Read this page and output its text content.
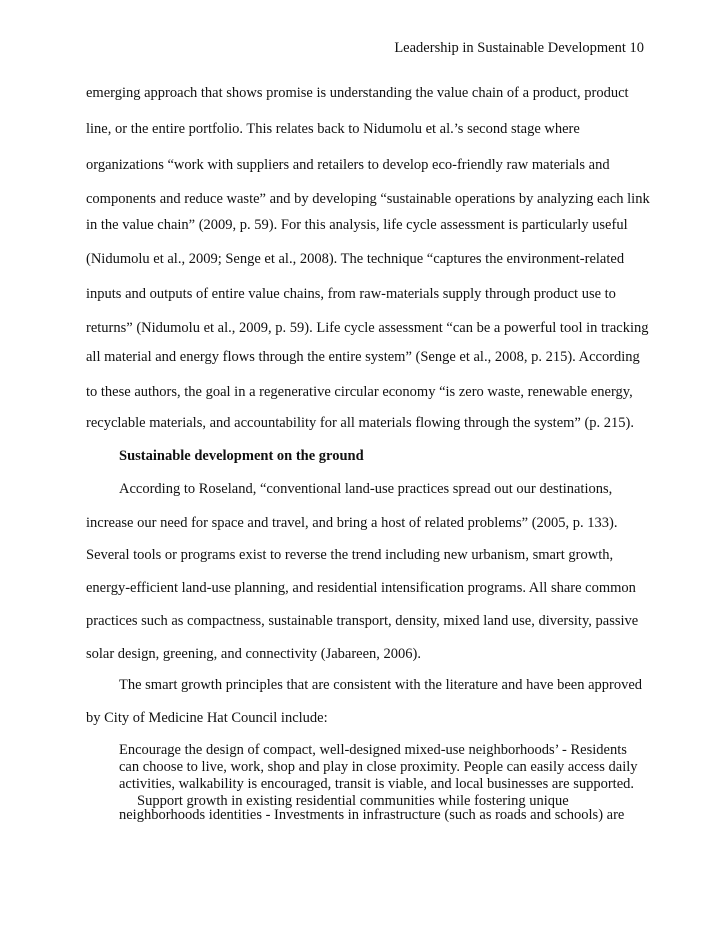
Leadership in Sustainable Development 10
emerging approach that shows promise is understanding the value chain of a product, product
line, or the entire portfolio. This relates back to Nidumolu et al.’s second stage where
organizations “work with suppliers and retailers to develop eco-friendly raw materials and
components and reduce waste” and by developing “sustainable operations by analyzing each link
in the value chain” (2009, p. 59). For this analysis, life cycle assessment is particularly useful
(Nidumolu et al., 2009; Senge et al., 2008). The technique “captures the environment-related
inputs and outputs of entire value chains, from raw-materials supply through product use to
returns” (Nidumolu et al., 2009, p. 59). Life cycle assessment “can be a powerful tool in tracking
all material and energy flows through the entire system” (Senge et al., 2008, p. 215). According
to these authors, the goal in a regenerative circular economy “is zero waste, renewable energy,
recyclable materials, and accountability for all materials flowing through the system” (p. 215).
Sustainable development on the ground
According to Roseland, “conventional land-use practices spread out our destinations,
increase our need for space and travel, and bring a host of related problems” (2005, p. 133).
Several tools or programs exist to reverse the trend including new urbanism, smart growth,
energy-efficient land-use planning, and residential intensification programs. All share common
practices such as compactness, sustainable transport, density, mixed land use, diversity, passive
solar design, greening, and connectivity (Jabareen, 2006).
The smart growth principles that are consistent with the literature and have been approved
by City of Medicine Hat Council include:
Encourage the design of compact, well-designed mixed-use neighborhoods’ - Residents
can choose to live, work, shop and play in close proximity. People can easily access daily
activities, walkability is encouraged, transit is viable, and local businesses are supported.
Support growth in existing residential communities while fostering unique
neighborhoods identities - Investments in infrastructure (such as roads and schools) are
